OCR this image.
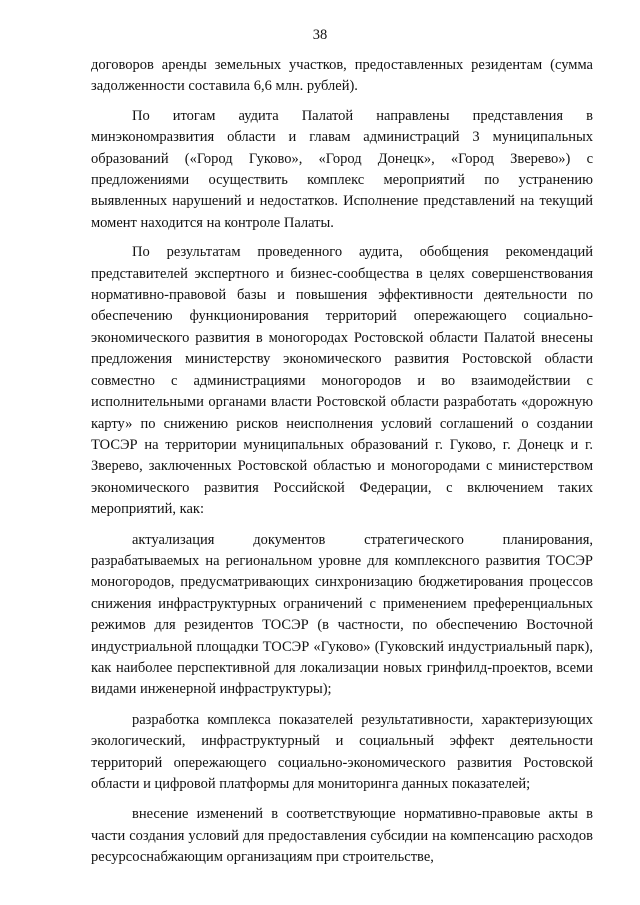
38

договоров аренды земельных участков, предоставленных резидентам (сумма задолженности составила 6,6 млн. рублей).

По итогам аудита Палатой направлены представления в минэкономразвития области и главам администраций 3 муниципальных образований («Город Гуково», «Город Донецк», «Город Зверево») с предложениями осуществить комплекс мероприятий по устранению выявленных нарушений и недостатков. Исполнение представлений на текущий момент находится на контроле Палаты.

По результатам проведенного аудита, обобщения рекомендаций представителей экспертного и бизнес-сообщества в целях совершенствования нормативно-правовой базы и повышения эффективности деятельности по обеспечению функционирования территорий опережающего социально-экономического развития в моногородах Ростовской области Палатой внесены предложения министерству экономического развития Ростовской области совместно с администрациями моногородов и во взаимодействии с исполнительными органами власти Ростовской области разработать «дорожную карту» по снижению рисков неисполнения условий соглашений о создании ТОСЭР на территории муниципальных образований г. Гуково, г. Донецк и г. Зверево, заключенных Ростовской областью и моногородами с министерством экономического развития Российской Федерации, с включением таких мероприятий, как:

актуализация документов стратегического планирования, разрабатываемых на региональном уровне для комплексного развития ТОСЭР моногородов, предусматривающих синхронизацию бюджетирования процессов снижения инфраструктурных ограничений с применением преференциальных режимов для резидентов ТОСЭР (в частности, по обеспечению Восточной индустриальной площадки ТОСЭР «Гуково» (Гуковский индустриальный парк), как наиболее перспективной для локализации новых гринфилд-проектов, всеми видами инженерной инфраструктуры);

разработка комплекса показателей результативности, характеризующих экологический, инфраструктурный и социальный эффект деятельности территорий опережающего социально-экономического развития Ростовской области и цифровой платформы для мониторинга данных показателей;

внесение изменений в соответствующие нормативно-правовые акты в части создания условий для предоставления субсидии на компенсацию расходов ресурсоснабжающим организациям при строительстве,
